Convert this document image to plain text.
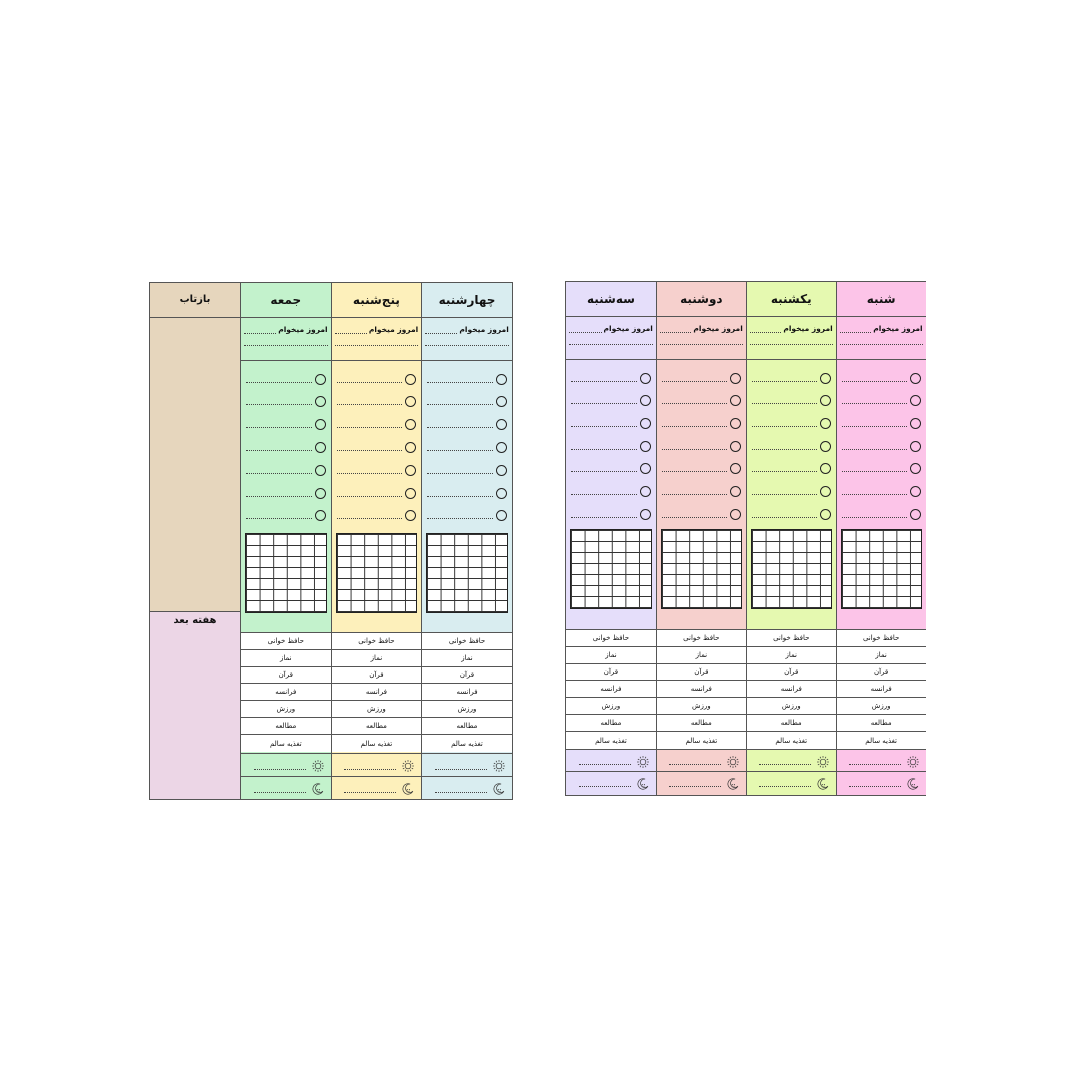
بازتاب
هفته بعد
جمعه
امروز میخوام
حافظ خوانی
نماز
قرآن
فرانسه
ورزش
مطالعه
تغذیه سالم
پنج‌شنبه
امروز میخوام
حافظ خوانی
نماز
قرآن
فرانسه
ورزش
مطالعه
تغذیه سالم
چهارشنبه
امروز میخوام
حافظ خوانی
نماز
قرآن
فرانسه
ورزش
مطالعه
تغذیه سالم
سه‌شنبه
امروز میخوام
حافظ خوانی
نماز
قرآن
فرانسه
ورزش
مطالعه
تغذیه سالم
دوشنبه
امروز میخوام
حافظ خوانی
نماز
قرآن
فرانسه
ورزش
مطالعه
تغذیه سالم
یکشنبه
امروز میخوام
حافظ خوانی
نماز
قرآن
فرانسه
ورزش
مطالعه
تغذیه سالم
شنبه
امروز میخوام
حافظ خوانی
نماز
قرآن
فرانسه
ورزش
مطالعه
تغذیه سالم
